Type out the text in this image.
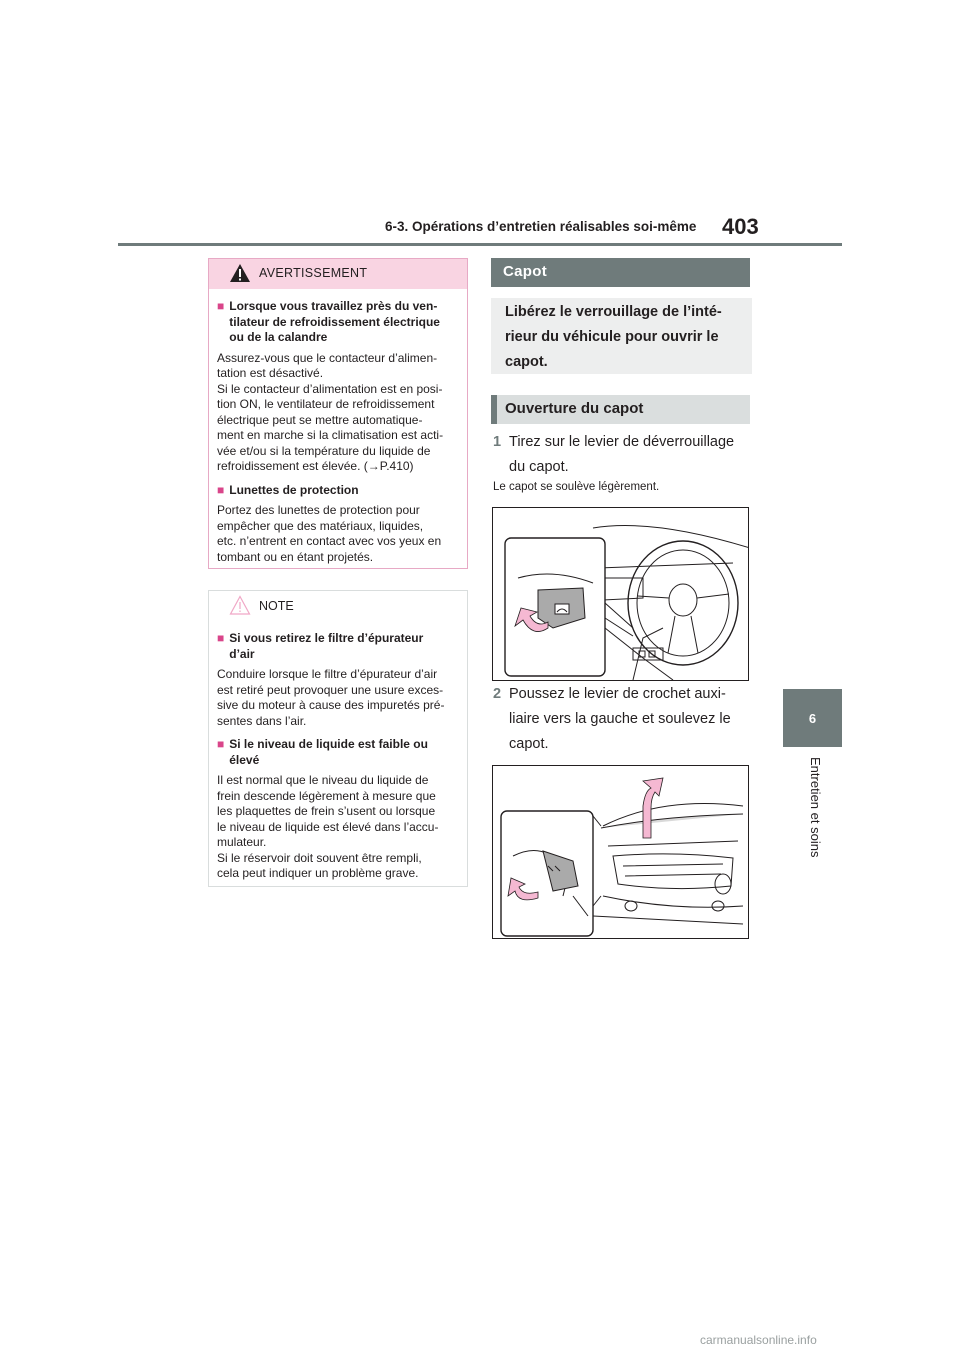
6-3. Opérations d’entretien réalisables soi-même 403
6
Entretien et soins
AVERTISSEMENT
■ Lorsque vous travaillez près du ven-
tilateur de refroidissement électrique
ou de la calandre
Assurez-vous que le contacteur d’alimen-
tation est désactivé.
Si le contacteur d’alimentation est en posi-
tion ON, le ventilateur de refroidissement
électrique peut se mettre automatique-
ment en marche si la climatisation est acti-
vée et/ou si la température du liquide de
refroidissement est élevée. (→P.410)
■ Lunettes de protection
Portez des lunettes de protection pour
empêcher que des matériaux, liquides,
etc. n’entrent en contact avec vos yeux en
tombant ou en étant projetés.
NOTE
■ Si vous retirez le filtre d’épurateur
d’air
Conduire lorsque le filtre d’épurateur d’air
est retiré peut provoquer une usure exces-
sive du moteur à cause des impuretés pré-
sentes dans l’air.
■ Si le niveau de liquide est faible ou
élevé
Il est normal que le niveau du liquide de
frein descende légèrement à mesure que
les plaquettes de frein s’usent ou lorsque
le niveau de liquide est élevé dans l’accu-
mulateur.
Si le réservoir doit souvent être rempli,
cela peut indiquer un problème grave.
Capot
Libérez le verrouillage de l’inté-
rieur du véhicule pour ouvrir le
capot.
Ouverture du capot
1 Tirez sur le levier de déverrouillage
du capot.
Le capot se soulève légèrement.
2 Poussez le levier de crochet auxi-
liaire vers la gauche et soulevez le
capot.
carmanualsonline.info
